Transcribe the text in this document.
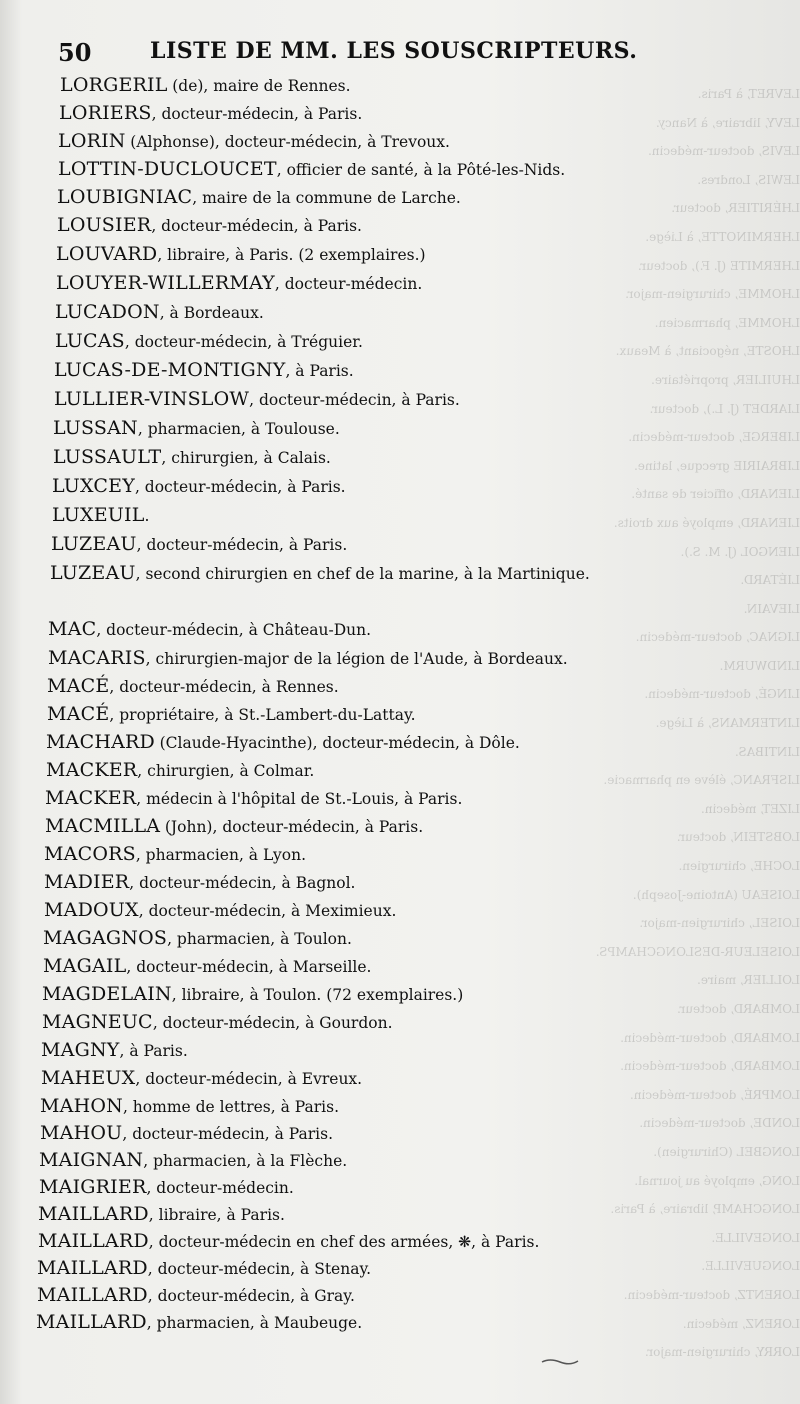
LEVRET, à Paris.
LEVY, libraire, à Nancy.
LEVIS, docteur-médecin.
LEWIS, Londres.
LHÉRITIER, docteur.
LHERMINOTTE, à Liège.
LHERMITE (J. F.), docteur.
LHOMME, chirurgien-major.
LHOMME, pharmacien.
LHOSTE, négociant, à Meaux.
LHUILIER, propriétaire.
LIARDET (J. L.), docteur.
LIBERGE, docteur-médecin.
LIBRAIRIE grecque, latine.
LIENARD, officier de santé.
LIENARD, employé aux droits.
LIENGOL (J. M. S.).
LIÉTARD.
LIEVAIN.
LIGNAC, docteur-médecin.
LINDWURM.
LINGÉ, docteur-médecin.
LINTERMANS, à Liège.
LINTIBAS.
LISFRANC, élève en pharmacie.
LIZET, médecin.
LOBSTEIN, docteur.
LOCHE, chirurgien.
LOISEAU (Antoine-Joseph).
LOISEL, chirurgien-major.
LOISELEUR-DESLONGCHAMPS.
LOLLIER, maire.
LOMBARD, docteur.
LOMBARD, docteur-médecin.
LOMBARD, docteur-médecin.
LOMPRÉ, docteur-médecin.
LONDE, docteur-médecin.
LONGBEL (Chirurgien).
LONG, employé au journal.
LONGCHAMP, libraire, à Paris.
LONGEVILLE.
LONGUEVILLE.
LORENTZ, docteur-médecin.
LORENZ, médecin.
LORRY, chirurgien-major.
50	LISTE DE MM. LES SOUSCRIPTEURS.
LORGERIL (de), maire de Rennes.
LORIERS, docteur-médecin, à Paris.
LORIN (Alphonse), docteur-médecin, à Trevoux.
LOTTIN-DUCLOUCET, officier de santé, à la Pôté-les-Nids.
LOUBIGNIAC, maire de la commune de Larche.
LOUSIER, docteur-médecin, à Paris.
LOUVARD, libraire, à Paris. (2 exemplaires.)
LOUYER-WILLERMAY, docteur-médecin.
LUCADON, à Bordeaux.
LUCAS, docteur-médecin, à Tréguier.
LUCAS-DE-MONTIGNY, à Paris.
LULLIER-VINSLOW, docteur-médecin, à Paris.
LUSSAN, pharmacien, à Toulouse.
LUSSAULT, chirurgien, à Calais.
LUXCEY, docteur-médecin, à Paris.
LUXEUIL.
LUZEAU, docteur-médecin, à Paris.
LUZEAU, second chirurgien en chef de la marine, à la Martinique.
MAC, docteur-médecin, à Château-Dun.
MACARIS, chirurgien-major de la légion de l'Aude, à Bordeaux.
MACÉ, docteur-médecin, à Rennes.
MACÉ, propriétaire, à St.-Lambert-du-Lattay.
MACHARD (Claude-Hyacinthe), docteur-médecin, à Dôle.
MACKER, chirurgien, à Colmar.
MACKER, médecin à l'hôpital de St.-Louis, à Paris.
MACMILLA (John), docteur-médecin, à Paris.
MACORS, pharmacien, à Lyon.
MADIER, docteur-médecin, à Bagnol.
MADOUX, docteur-médecin, à Meximieux.
MAGAGNOS, pharmacien, à Toulon.
MAGAIL, docteur-médecin, à Marseille.
MAGDELAIN, libraire, à Toulon. (72 exemplaires.)
MAGNEUC, docteur-médecin, à Gourdon.
MAGNY, à Paris.
MAHEUX, docteur-médecin, à Evreux.
MAHON, homme de lettres, à Paris.
MAHOU, docteur-médecin, à Paris.
MAIGNAN, pharmacien, à la Flèche.
MAIGRIER, docteur-médecin.
MAILLARD, libraire, à Paris.
MAILLARD, docteur-médecin en chef des armées, ❋, à Paris.
MAILLARD, docteur-médecin, à Stenay.
MAILLARD, docteur-médecin, à Gray.
MAILLARD, pharmacien, à Maubeuge.
